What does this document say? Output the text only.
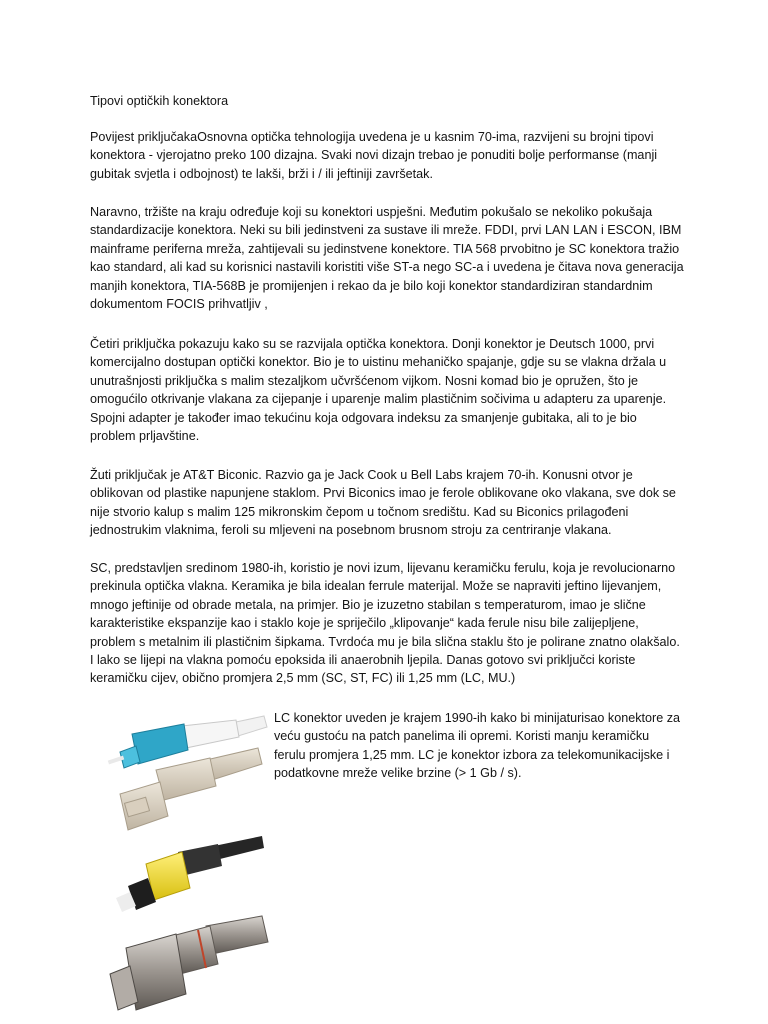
Tipovi optičkih konektora

Povijest priključakaOsnovna optička tehnologija uvedena je u kasnim 70-ima, razvijeni su brojni tipovi konektora - vjerojatno preko 100 dizajna. Svaki novi dizajn trebao je ponuditi bolje performanse (manji gubitak svjetla i odbojnost) te lakši, brži i / ili jeftiniji završetak.

Naravno, tržište na kraju određuje koji su konektori uspješni. Međutim pokušalo se nekoliko pokušaja standardizacije konektora. Neki su bili jedinstveni za sustave ili mreže. FDDI, prvi LAN LAN i ESCON, IBM mainframe periferna mreža, zahtijevali su jedinstvene konektore. TIA 568 prvobitno je SC konektora tražio kao standard, ali kad su korisnici nastavili koristiti više ST-a nego SC-a i uvedena je čitava nova generacija manjih konektora, TIA-568B je promijenjen i rekao da je bilo koji konektor standardiziran standardnim dokumentom FOCIS prihvatljiv ,

Četiri priključka pokazuju kako su se razvijala optička konektora. Donji konektor je Deutsch 1000, prvi komercijalno dostupan optički konektor. Bio je to uistinu mehaničko spajanje, gdje su se vlakna držala u unutrašnjosti priključka s malim stezaljkom učvršćenom vijkom. Nosni komad bio je opružen, što je omogućilo otkrivanje vlakana za cijepanje i uparenje malim plastičnim sočivima u adapteru za uparenje. Spojni adapter je također imao tekućinu koja odgovara indeksu za smanjenje gubitaka, ali to je bio problem prljavštine.

Žuti priključak je AT&T Biconic. Razvio ga je Jack Cook u Bell Labs krajem 70-ih. Konusni otvor je oblikovan od plastike napunjene staklom. Prvi Biconics imao je ferole oblikovane oko vlakana, sve dok se nije stvorio kalup s malim 125 mikronskim čepom u točnom središtu. Kad su Biconics prilagođeni jednostrukim vlaknima, feroli su mljeveni na posebnom brusnom stroju za centriranje vlakana.

SC, predstavljen sredinom 1980-ih, koristio je novi izum, lijevanu keramičku ferulu, koja je revolucionarno prekinula optička vlakna. Keramika je bila idealan ferrule materijal. Može se napraviti jeftino lijevanjem, mnogo jeftinije od obrade metala, na primjer. Bio je izuzetno stabilan s temperaturom, imao je slične karakteristike ekspanzije kao i staklo koje je spriječilo „klipovanje“ kada ferule nisu bile zalijepljene, problem s metalnim ili plastičnim šipkama. Tvrdoća mu je bila slična staklu što je polirane znatno olakšalo. I lako se lijepi na vlakna pomoću epoksida ili anaerobnih ljepila. Danas gotovo svi priključci koriste keramičku cijev, obično promjera 2,5 mm (SC, ST, FC) ili 1,25 mm (LC, MU.)

LC konektor uveden je krajem 1990-ih kako bi minijaturisao konektore za veću gustoću na patch panelima ili opremi. Koristi manju keramičku ferulu promjera 1,25 mm. LC je konektor izbora za telekomunikacijske i podatkovne mreže velike brzine (> 1 Gb / s).
